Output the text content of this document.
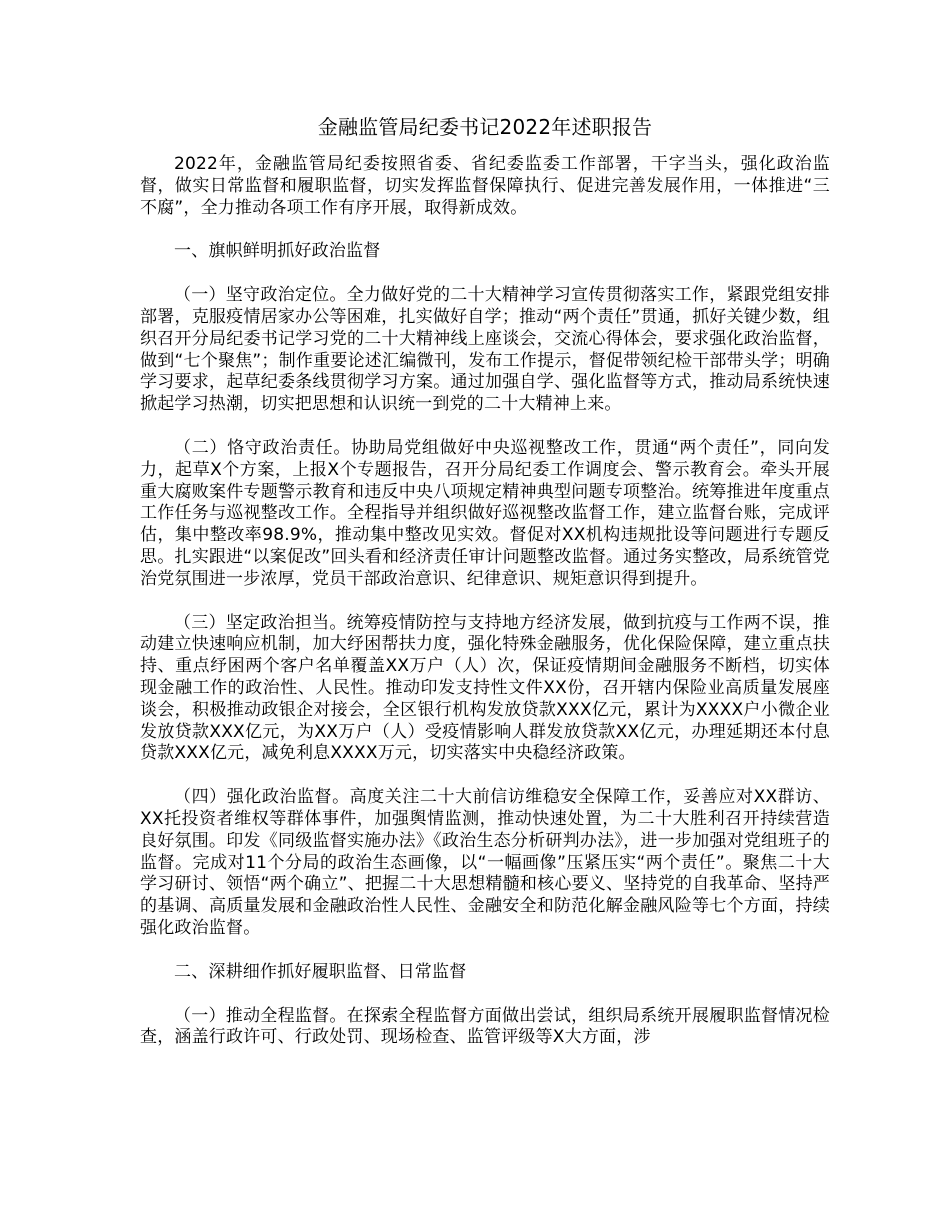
金融监管局纪委书记2022年述职报告

2022年，金融监管局纪委按照省委、省纪委监委工作部署，干字当头，强化政治监督，做实日常监督和履职监督，切实发挥监督保障执行、促进完善发展作用，一体推进“三不腐”，全力推动各项工作有序开展，取得新成效。

一、旗帜鲜明抓好政治监督

（一）坚守政治定位。全力做好党的二十大精神学习宣传贯彻落实工作，紧跟党组安排部署，克服疫情居家办公等困难，扎实做好自学；推动“两个责任”贯通，抓好关键少数，组织召开分局纪委书记学习党的二十大精神线上座谈会，交流心得体会，要求强化政治监督，做到“七个聚焦”；制作重要论述汇编微刊，发布工作提示，督促带领纪检干部带头学；明确学习要求，起草纪委条线贯彻学习方案。通过加强自学、强化监督等方式，推动局系统快速掀起学习热潮，切实把思想和认识统一到党的二十大精神上来。

（二）恪守政治责任。协助局党组做好中央巡视整改工作，贯通“两个责任”，同向发力，起草X个方案，上报X个专题报告，召开分局纪委工作调度会、警示教育会。牵头开展重大腐败案件专题警示教育和违反中央八项规定精神典型问题专项整治。统筹推进年度重点工作任务与巡视整改工作。全程指导并组织做好巡视整改监督工作，建立监督台账，完成评估，集中整改率98.9%，推动集中整改见实效。督促对XX机构违规批设等问题进行专题反思。扎实跟进“以案促改”回头看和经济责任审计问题整改监督。通过务实整改，局系统管党治党氛围进一步浓厚，党员干部政治意识、纪律意识、规矩意识得到提升。

（三）坚定政治担当。统筹疫情防控与支持地方经济发展，做到抗疫与工作两不误，推动建立快速响应机制，加大纾困帮扶力度，强化特殊金融服务，优化保险保障，建立重点扶持、重点纾困两个客户名单覆盖XX万户（人）次，保证疫情期间金融服务不断档，切实体现金融工作的政治性、人民性。推动印发支持性文件XX份，召开辖内保险业高质量发展座谈会，积极推动政银企对接会，全区银行机构发放贷款XXX亿元，累计为XXXX户小微企业发放贷款XXX亿元，为XX万户（人）受疫情影响人群发放贷款XX亿元，办理延期还本付息贷款XXX亿元，减免利息XXXX万元，切实落实中央稳经济政策。

（四）强化政治监督。高度关注二十大前信访维稳安全保障工作，妥善应对XX群访、XX托投资者维权等群体事件，加强舆情监测，推动快速处置，为二十大胜利召开持续营造良好氛围。印发《同级监督实施办法》《政治生态分析研判办法》，进一步加强对党组班子的监督。完成对11个分局的政治生态画像，以“一幅画像”压紧压实“两个责任”。聚焦二十大学习研讨、领悟“两个确立”、把握二十大思想精髓和核心要义、坚持党的自我革命、坚持严的基调、高质量发展和金融政治性人民性、金融安全和防范化解金融风险等七个方面，持续强化政治监督。

二、深耕细作抓好履职监督、日常监督

（一）推动全程监督。在探索全程监督方面做出尝试，组织局系统开展履职监督情况检查，涵盖行政许可、行政处罚、现场检查、监管评级等X大方面，涉
